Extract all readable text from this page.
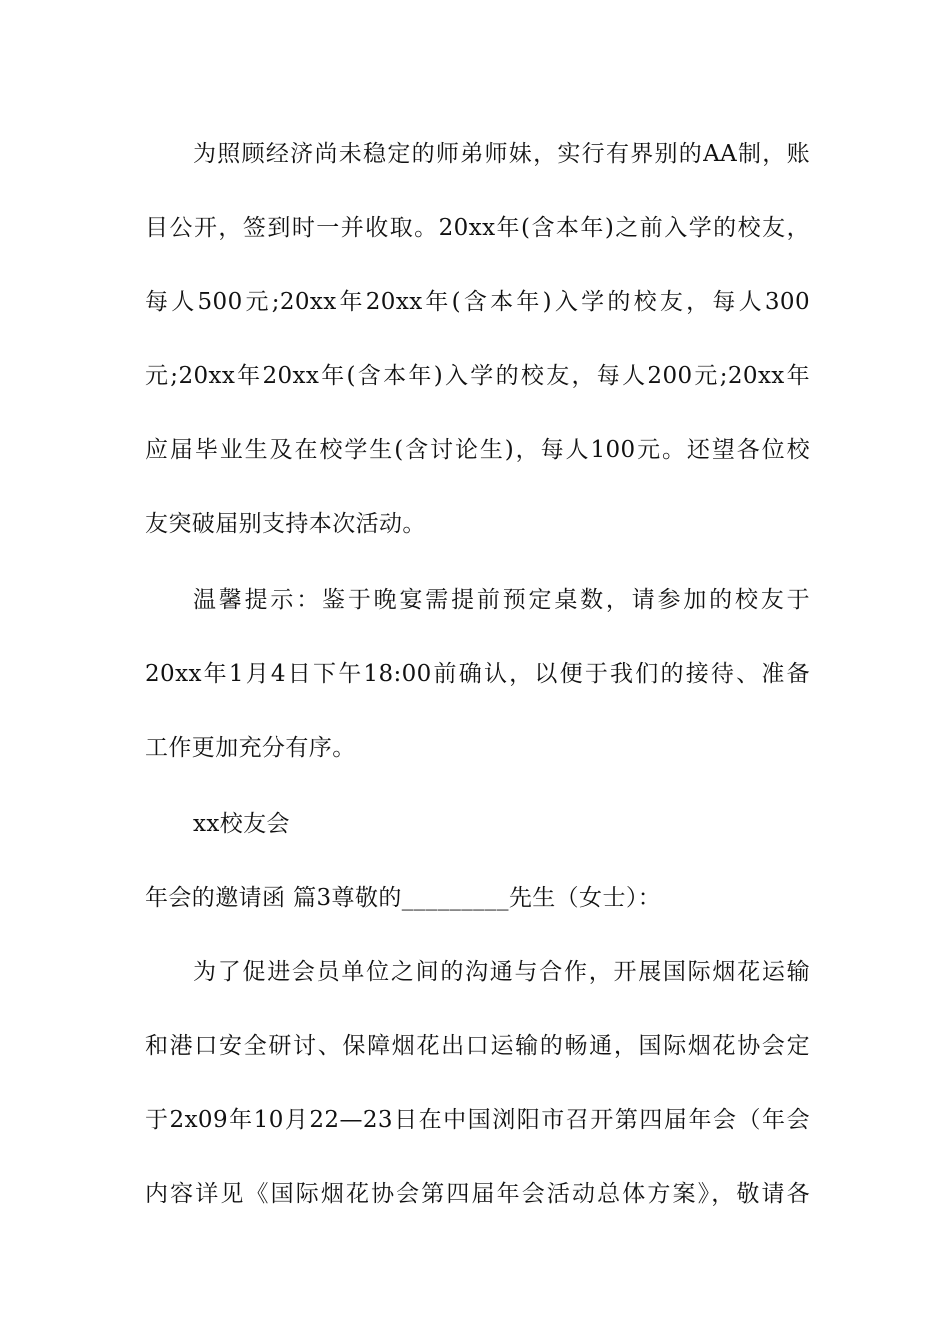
为照顾经济尚未稳定的师弟师妹，实行有界别的AA制，账
目公开，签到时一并收取。20xx年(含本年)之前入学的校友，
每人500元;20xx年20xx年(含本年)入学的校友，每人300
元;20xx年20xx年(含本年)入学的校友，每人200元;20xx年
应届毕业生及在校学生(含讨论生)，每人100元。还望各位校
友突破届别支持本次活动。
温馨提示：鉴于晚宴需提前预定桌数，请参加的校友于
20xx年1月4日下午18:00前确认，以便于我们的接待、准备
工作更加充分有序。
xx校友会
年会的邀请函 篇3尊敬的_________先生（女士）：
为了促进会员单位之间的沟通与合作，开展国际烟花运输
和港口安全研讨、保障烟花出口运输的畅通，国际烟花协会定
于2x09年10月22—23日在中国浏阳市召开第四届年会（年会
内容详见《国际烟花协会第四届年会活动总体方案》，敬请各
